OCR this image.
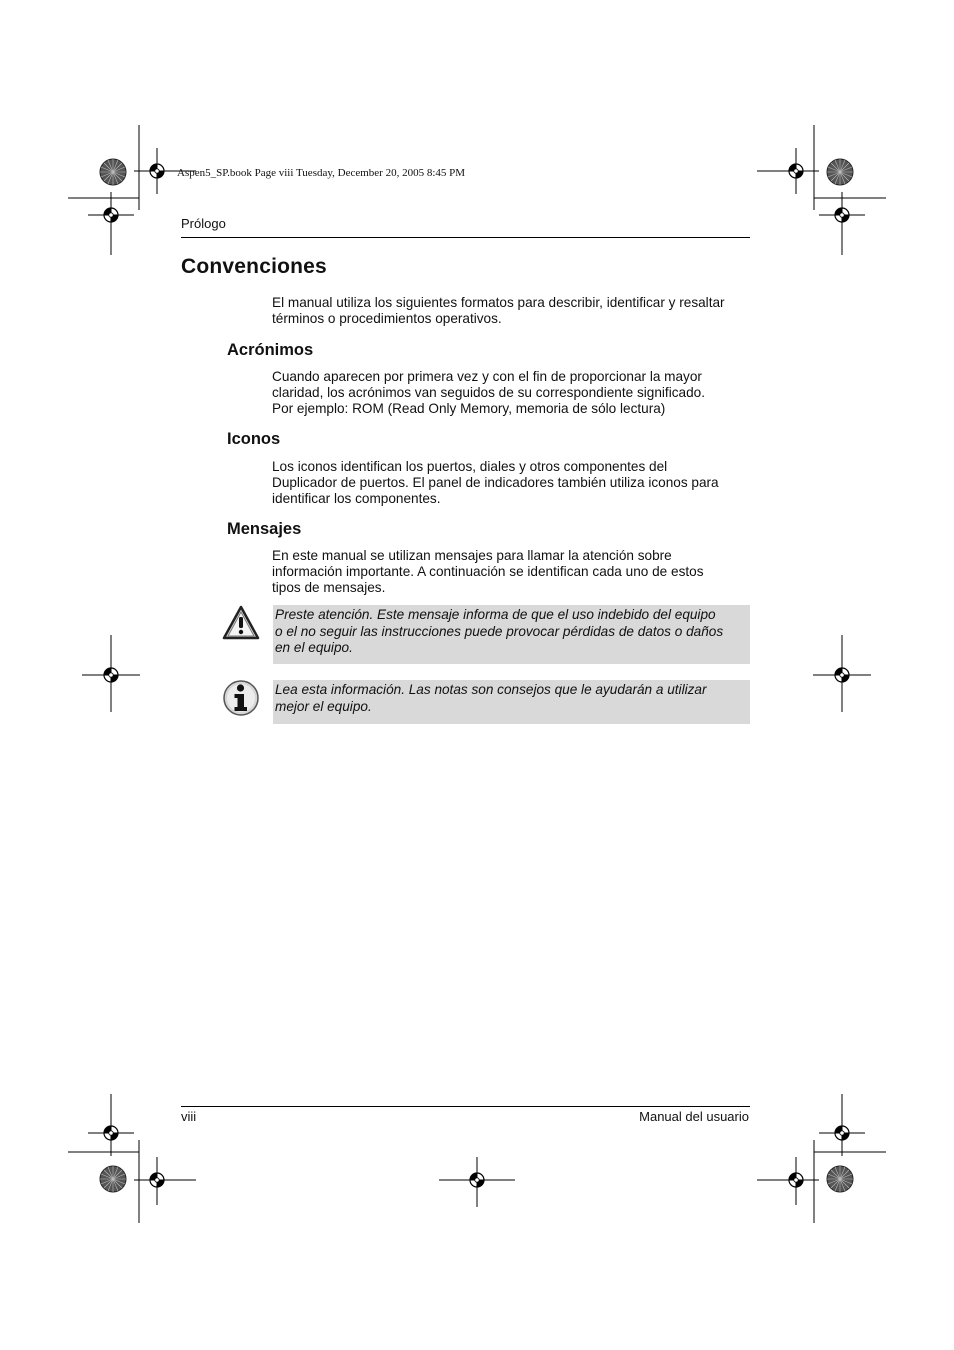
Aspen5_SP.book Page viii Tuesday, December 20, 2005 8:45 PM
Prólogo
Convenciones
El manual utiliza los siguientes formatos para describir, identificar y resaltar
términos o procedimientos operativos.
Acrónimos
Cuando aparecen por primera vez y con el fin de proporcionar la mayor
claridad, los acrónimos van seguidos de su correspondiente significado.
Por ejemplo: ROM (Read Only Memory, memoria de sólo lectura)
Iconos
Los iconos identifican los puertos, diales y otros componentes del
Duplicador de puertos. El panel de indicadores también utiliza iconos para
identificar los componentes.
Mensajes
En este manual se utilizan mensajes para llamar la atención sobre
información importante. A continuación se identifican cada uno de estos
tipos de mensajes.
Preste atención. Este mensaje informa de que el uso indebido del equipo
o el no seguir las instrucciones puede provocar pérdidas de datos o daños
en el equipo.
Lea esta información. Las notas son consejos que le ayudarán a utilizar
mejor el equipo.
viii	Manual del usuario
